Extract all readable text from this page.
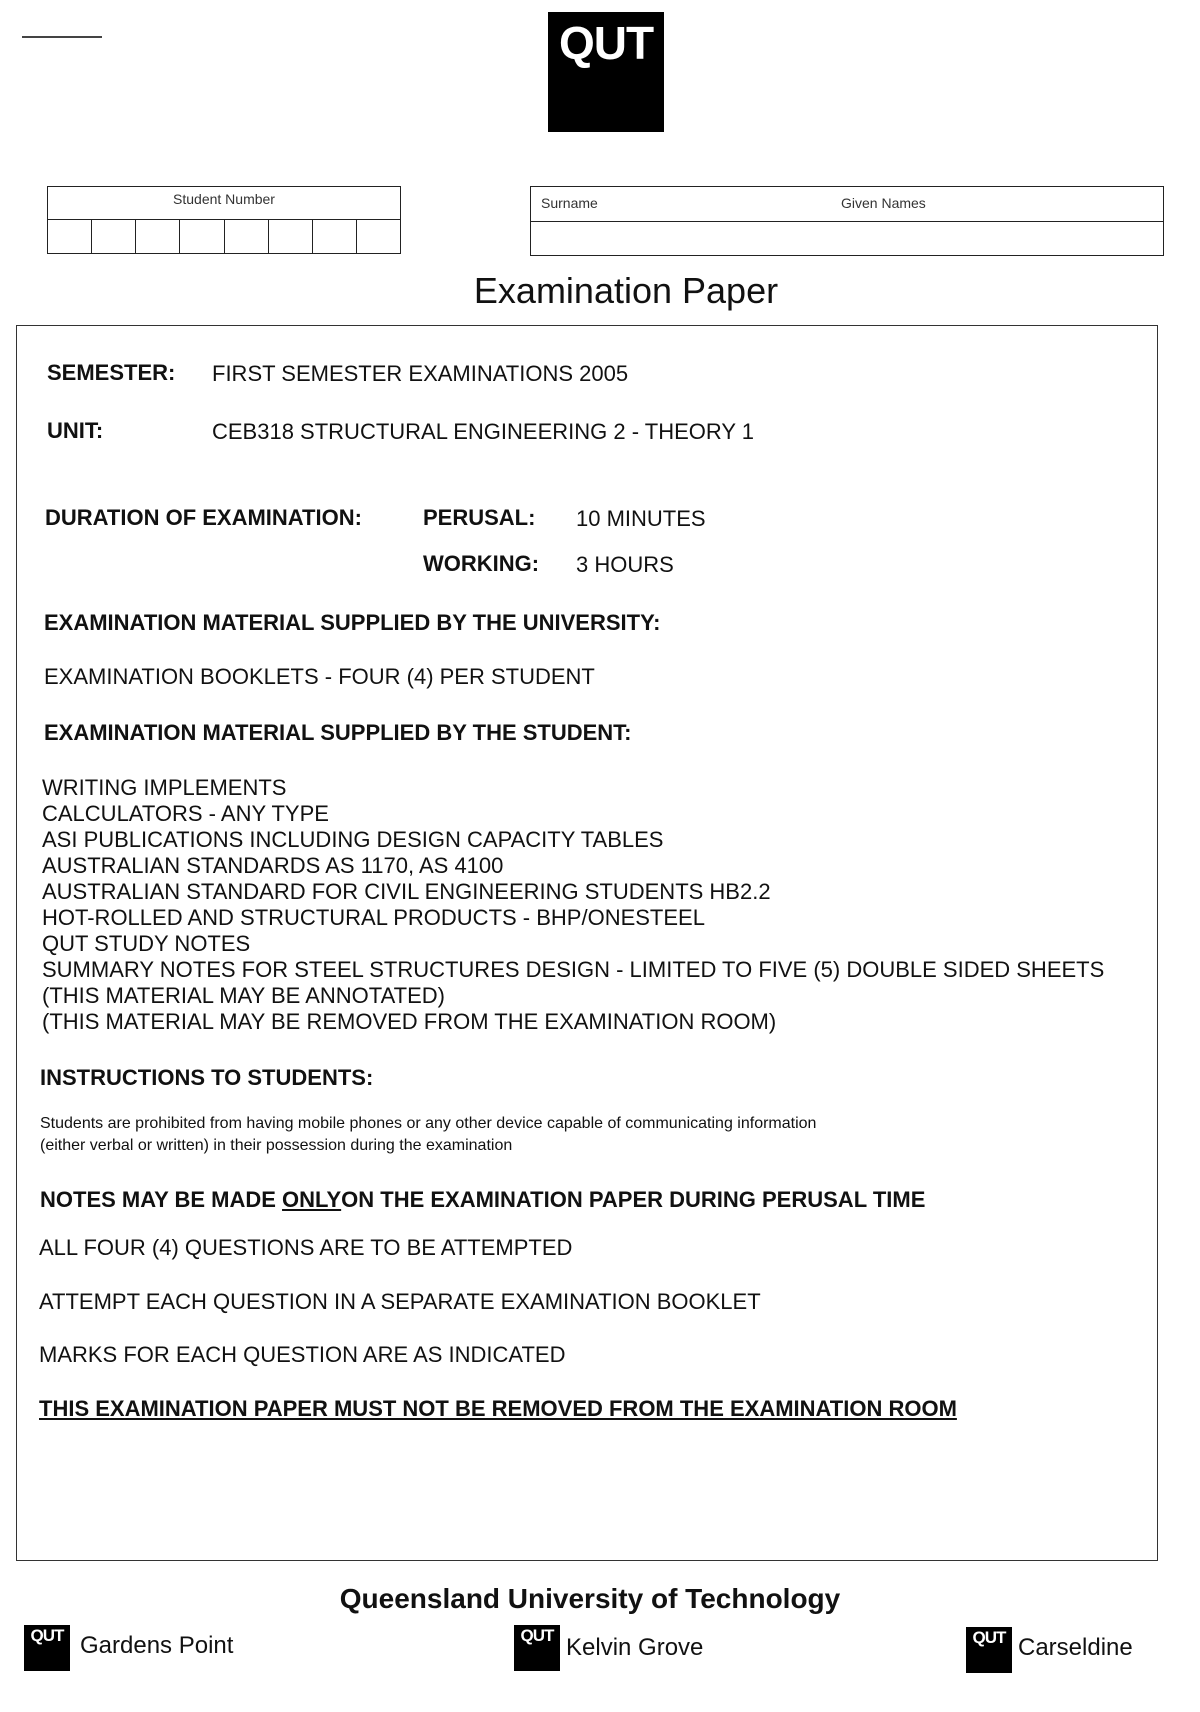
QUT
Student Number	Surname	Given Names
Examination Paper
SEMESTER: FIRST SEMESTER EXAMINATIONS 2005
UNIT:	CEB318 STRUCTURAL ENGINEERING 2 - THEORY 1
DURATION OF EXAMINATION:	PERUSAL: 10 MINUTES
WORKING: 3 HOURS
EXAMINATION MATERIAL SUPPLIED BY THE UNIVERSITY:
EXAMINATION BOOKLETS - FOUR (4) PER STUDENT
EXAMINATION MATERIAL SUPPLIED BY THE STUDENT:
WRITING IMPLEMENTS
CALCULATORS - ANY TYPE
ASI PUBLICATIONS INCLUDING DESIGN CAPACITY TABLES
AUSTRALIAN STANDARDS AS 1170, AS 4100
AUSTRALIAN STANDARD FOR CIVIL ENGINEERING STUDENTS HB2.2
HOT-ROLLED AND STRUCTURAL PRODUCTS - BHP/ONESTEEL
QUT STUDY NOTES
SUMMARY NOTES FOR STEEL STRUCTURES DESIGN - LIMITED TO FIVE (5) DOUBLE SIDED SHEETS
(THIS MATERIAL MAY BE ANNOTATED)
(THIS MATERIAL MAY BE REMOVED FROM THE EXAMINATION ROOM)
INSTRUCTIONS TO STUDENTS:
Students are prohibited from having mobile phones or any other device capable of communicating information
(either verbal or written) in their possession during the examination
NOTES MAY BE MADE ONLYON THE EXAMINATION PAPER DURING PERUSAL TIME
ALL FOUR (4) QUESTIONS ARE TO BE ATTEMPTED
ATTEMPT EACH QUESTION IN A SEPARATE EXAMINATION BOOKLET
MARKS FOR EACH QUESTION ARE AS INDICATED
THIS EXAMINATION PAPER MUST NOT BE REMOVED FROM THE EXAMINATION ROOM
Queensland University of Technology
QUT Gardens Point	QUT Kelvin Grove	QUT Carseldine
